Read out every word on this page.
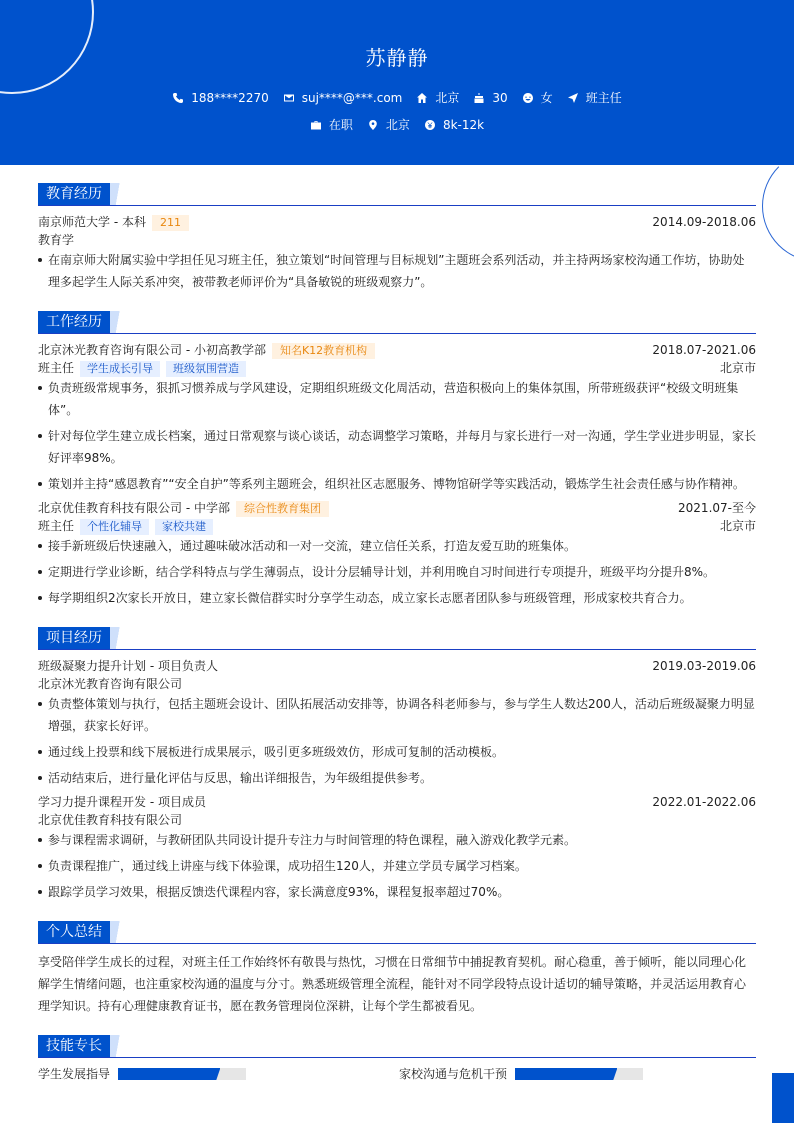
苏静静
188****2270	suj****@***.com	北京	30	女	班主任
在职	北京	8k-12k
教育经历
南京师范大学 - 本科 211	2014.09-2018.06
教育学
在南京师大附属实验中学担任见习班主任，独立策划“时间管理与目标规划”主题班会系列活动，并主持两场家校沟通工作坊，协助处理多起学生人际关系冲突，被带教老师评价为“具备敏锐的班级观察力”。
工作经历
北京沐光教育咨询有限公司 - 小初高教学部 知名K12教育机构	2018.07-2021.06
班主任 学生成长引导 班级氛围营造	北京市
负责班级常规事务，狠抓习惯养成与学风建设，定期组织班级文化周活动，营造积极向上的集体氛围，所带班级获评“校级文明班集体”。
针对每位学生建立成长档案，通过日常观察与谈心谈话，动态调整学习策略，并每月与家长进行一对一沟通，学生学业进步明显，家长好评率98%。
策划并主持“感恩教育”“安全自护”等系列主题班会，组织社区志愿服务、博物馆研学等实践活动，锻炼学生社会责任感与协作精神。
北京优佳教育科技有限公司 - 中学部 综合性教育集团	2021.07-至今
班主任 个性化辅导 家校共建	北京市
接手新班级后快速融入，通过趣味破冰活动和一对一交流，建立信任关系，打造友爱互助的班集体。
定期进行学业诊断，结合学科特点与学生薄弱点，设计分层辅导计划，并利用晚自习时间进行专项提升，班级平均分提升8%。
每学期组织2次家长开放日，建立家长微信群实时分享学生动态，成立家长志愿者团队参与班级管理，形成家校共育合力。
项目经历
班级凝聚力提升计划 - 项目负责人	2019.03-2019.06
北京沐光教育咨询有限公司
负责整体策划与执行，包括主题班会设计、团队拓展活动安排等，协调各科老师参与，参与学生人数达200人，活动后班级凝聚力明显增强，获家长好评。
通过线上投票和线下展板进行成果展示，吸引更多班级效仿，形成可复制的活动模板。
活动结束后，进行量化评估与反思，输出详细报告，为年级组提供参考。
学习力提升课程开发 - 项目成员	2022.01-2022.06
北京优佳教育科技有限公司
参与课程需求调研，与教研团队共同设计提升专注力与时间管理的特色课程，融入游戏化教学元素。
负责课程推广，通过线上讲座与线下体验课，成功招生120人，并建立学员专属学习档案。
跟踪学员学习效果，根据反馈迭代课程内容，家长满意度93%，课程复报率超过70%。
个人总结
享受陪伴学生成长的过程，对班主任工作始终怀有敬畏与热忱，习惯在日常细节中捕捉教育契机。耐心稳重，善于倾听，能以同理心化解学生情绪问题，也注重家校沟通的温度与分寸。熟悉班级管理全流程，能针对不同学段特点设计适切的辅导策略，并灵活运用教育心理学知识。持有心理健康教育证书，愿在教务管理岗位深耕，让每个学生都被看见。
技能专长
学生发展指导	家校沟通与危机干预
